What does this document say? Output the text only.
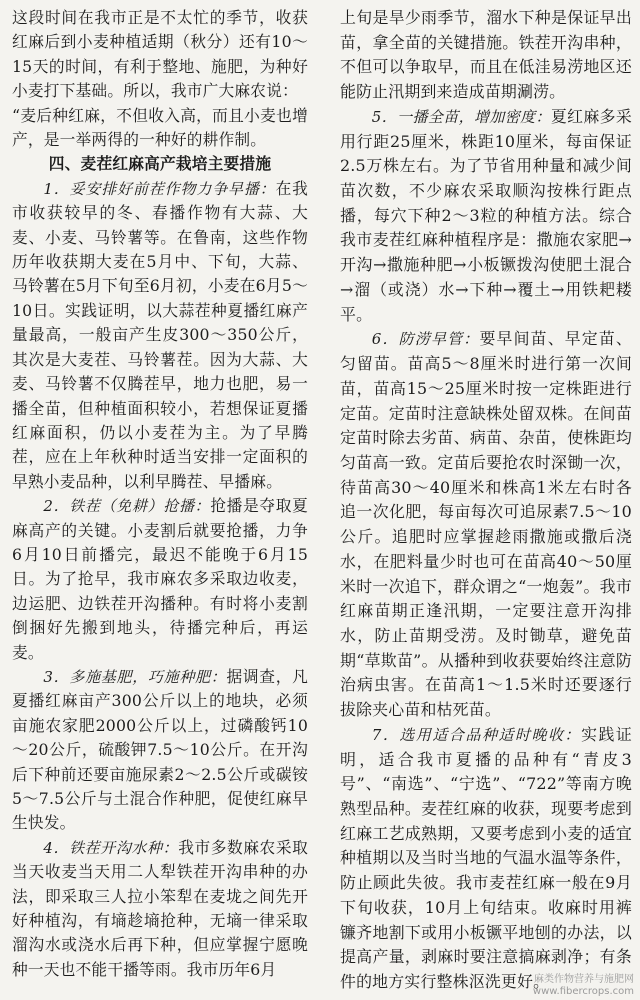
这段时间在我市正是不太忙的季节，收获红麻后到小麦种植适期（秋分）还有10～15天的时间，有利于整地、施肥，为种好小麦打下基础。所以，我市广大麻农说：

“麦后种红麻，不但收入高，而且小麦也增产，是一举两得的一种好的耕作制。

四、麦茬红麻高产栽培主要措施

1．妥安排好前茬作物力争早播：在我市收获较早的冬、春播作物有大蒜、大麦、小麦、马铃薯等。在鲁南，这些作物历年收获期大麦在5月中、下旬，大蒜、马铃薯在5月下旬至6月初，小麦在6月5～10日。实践证明，以大蒜茬种夏播红麻产量最高，一般亩产生皮300～350公斤，其次是大麦茬、马铃薯茬。因为大蒜、大麦、马铃薯不仅腾茬早，地力也肥，易一播全苗，但种植面积较小，若想保证夏播红麻面积，仍以小麦茬为主。为了早腾茬，应在上年秋种时适当安排一定面积的早熟小麦品种，以利早腾茬、早播麻。

2．铁茬（免耕）抢播：抢播是夺取夏麻高产的关键。小麦割后就要抢播，力争6月10日前播完，最迟不能晚于6月15日。为了抢早，我市麻农多采取边收麦，边运肥、边铁茬开沟播种。有时将小麦割倒捆好先搬到地头，待播完种后，再运麦。

3．多施基肥，巧施种肥：据调查，凡夏播红麻亩产300公斤以上的地块，必须亩施农家肥2000公斤以上，过磷酸钙10～20公斤，硫酸钾7.5～10公斤。在开沟后下种前还要亩施尿素2～2.5公斤或碳铵5～7.5公斤与土混合作种肥，促使红麻早生快发。

4．铁茬开沟水种：我市多数麻农采取当天收麦当天用二人犁铁茬开沟串种的办法，即采取三人拉小笨犁在麦垅之间先开好种植沟，有墒趁墒抢种，无墒一律采取溜沟水或浇水后再下种，但应掌握宁愿晚种一天也不能干播等雨。我市历年6月

上旬是旱少雨季节，溜水下种是保证早出苗，拿全苗的关键措施。铁茬开沟串种，不但可以争取早，而且在低洼易涝地区还能防止汛期到来造成苗期涮涝。

5．一播全苗，增加密度：夏红麻多采用行距25厘米，株距10厘米，每亩保证2.5万株左右。为了节省用种量和减少间苗次数，不少麻农采取顺沟按株行距点播，每穴下种2～3粒的种植方法。综合我市麦茬红麻种植程序是：撒施农家肥→开沟→撒施种肥→小板镢拨沟使肥土混合→溜（或浇）水→下种→覆土→用铁耙耧平。

6．防涝早管：要早间苗、早定苗、匀留苗。苗高5～8厘米时进行第一次间苗，苗高15～25厘米时按一定株距进行定苗。定苗时注意缺株处留双株。在间苗定苗时除去劣苗、病苗、杂苗，使株距均匀苗高一致。定苗后要抢农时深锄一次，待苗高30～40厘米和株高1米左右时各追一次化肥，每亩每次可追尿素7.5～10公斤。追肥时应掌握趁雨撒施或撒后浇水，在肥料量少时也可在苗高40～50厘米时一次追下，群众谓之“一炮轰”。我市红麻苗期正逢汛期，一定要注意开沟排水，防止苗期受涝。及时锄草，避免苗期“草欺苗”。从播种到收获要始终注意防治病虫害。在苗高1～1.5米时还要逐行拔除夹心苗和枯死苗。

7．选用适合品种适时晚收：实践证明，适合我市夏播的品种有“青皮3号”、“南选”、“宁选”、“722”等南方晚熟型品种。麦茬红麻的收获，现要考虑到红麻工艺成熟期，又要考虑到小麦的适宜种植期以及当时当地的气温水温等条件，防止顾此失彼。我市麦茬红麻一般在9月下旬收获，10月上旬结束。收麻时用裤镰齐地割下或用小板镢平地刨的办法，以提高产量，剥麻时要注意搞麻剥净；有条件的地方实行整株沤洗更好。

麻类作物营养与施肥网
www.fibercrops.com
